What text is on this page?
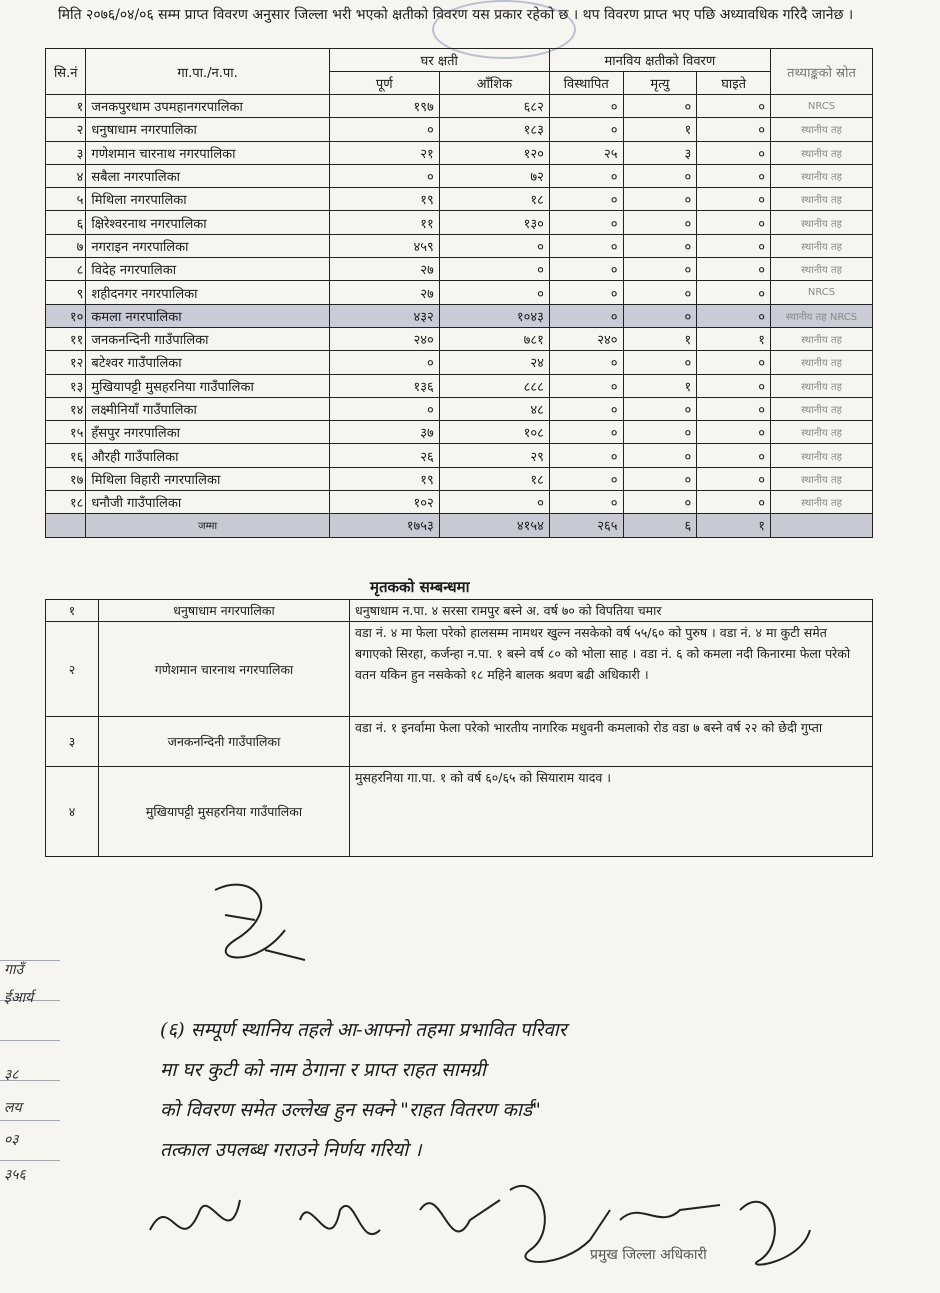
मिति २०७६/०४/०६ सम्म प्राप्त विवरण अनुसार जिल्ला भरी भएको क्षतीको विवरण यस प्रकार रहेको छ । थप विवरण प्राप्त भए पछि अध्यावधिक गरिदै जानेछ ।
सि.नं	गा.पा./न.पा.	घर क्षती		मानविय क्षतीको विवरण			तथ्याङ्कको स्रोत
		पूर्ण	आँशिक	विस्थापित	मृत्यु	घाइते	
१	जनकपुरधाम उपमहानगरपालिका	१९७	६८२	०	०	०	NRCS
२	धनुषाधाम नगरपालिका	०	१८३	०	१	०	स्थानीय तह
३	गणेशमान चारनाथ नगरपालिका	२१	१२०	२५	३	०	स्थानीय तह
४	सबैला नगरपालिका	०	७२	०	०	०	स्थानीय तह
५	मिथिला नगरपालिका	१९	१८	०	०	०	स्थानीय तह
६	क्षिरेश्वरनाथ नगरपालिका	११	१३०	०	०	०	स्थानीय तह
७	नगराइन नगरपालिका	४५९	०	०	०	०	स्थानीय तह
८	विदेह नगरपालिका	२७	०	०	०	०	स्थानीय तह
९	शहीदनगर नगरपालिका	२७	०	०	०	०	NRCS
१०	कमला नगरपालिका	४३२	१०४३	०	०	०	स्थानीय तह NRCS
११	जनकनन्दिनी गाउँपालिका	२४०	७८१	२४०	१	१	स्थानीय तह
१२	बटेश्वर गाउँपालिका	०	२४	०	०	०	स्थानीय तह
१३	मुखियापट्टी मुसहरनिया गाउँपालिका	१३६	८८८	०	१	०	स्थानीय तह
१४	लक्ष्मीनियाँ गाउँपालिका	०	४८	०	०	०	स्थानीय तह
१५	हँसपुर नगरपालिका	३७	१०८	०	०	०	स्थानीय तह
१६	औरही गाउँपालिका	२६	२९	०	०	०	स्थानीय तह
१७	मिथिला विहारी नगरपालिका	१९	१८	०	०	०	स्थानीय तह
१८	धनौजी गाउँपालिका	१०२	०	०	०	०	स्थानीय तह
	जम्मा	१७५३	४१५४	२६५	६	१	
मृतकको सम्बन्धमा
१	धनुषाधाम नगरपालिका	धनुषाधाम न.पा. ४ सरसा रामपुर बस्ने अ. वर्ष ७० को विपतिया चमार
२	गणेशमान चारनाथ नगरपालिका	वडा नं. ४ मा फेला परेको हालसम्म नामथर खुल्न नसकेको वर्ष ५५/६० को पुरुष । वडा नं. ४ मा कुटी समेत बगाएको सिरहा, कर्जन्हा न.पा. १ बस्ने वर्ष ८० को भोला साह । वडा नं. ६ को कमला नदी किनारमा फेला परेको वतन यकिन हुन नसकेको १८ महिने बालक श्रवण बढी अधिकारी ।
३	जनकनन्दिनी गाउँपालिका	वडा नं. १ इनर्वामा फेला परेको भारतीय नागरिक मधुवनी कमलाको रोड वडा ७ बस्ने वर्ष २२ को छेदी गुप्ता
४	मुखियापट्टी मुसहरनिया गाउँपालिका	मुसहरनिया गा.पा. १ को वर्ष ६०/६५ को सियाराम यादव ।
गाउँ
ईआर्य
३८
लय
०३
३५६
(६) सम्पूर्ण स्थानिय तहले आ-आफ्नो तहमा प्रभावित परिवार
मा घर कुटी को नाम ठेगाना र प्राप्त राहत सामग्री
को विवरण समेत उल्लेख हुन सक्ने "राहत वितरण कार्ड"
तत्काल उपलब्ध गराउने निर्णय गरियो ।
प्रमुख जिल्ला अधिकारी
